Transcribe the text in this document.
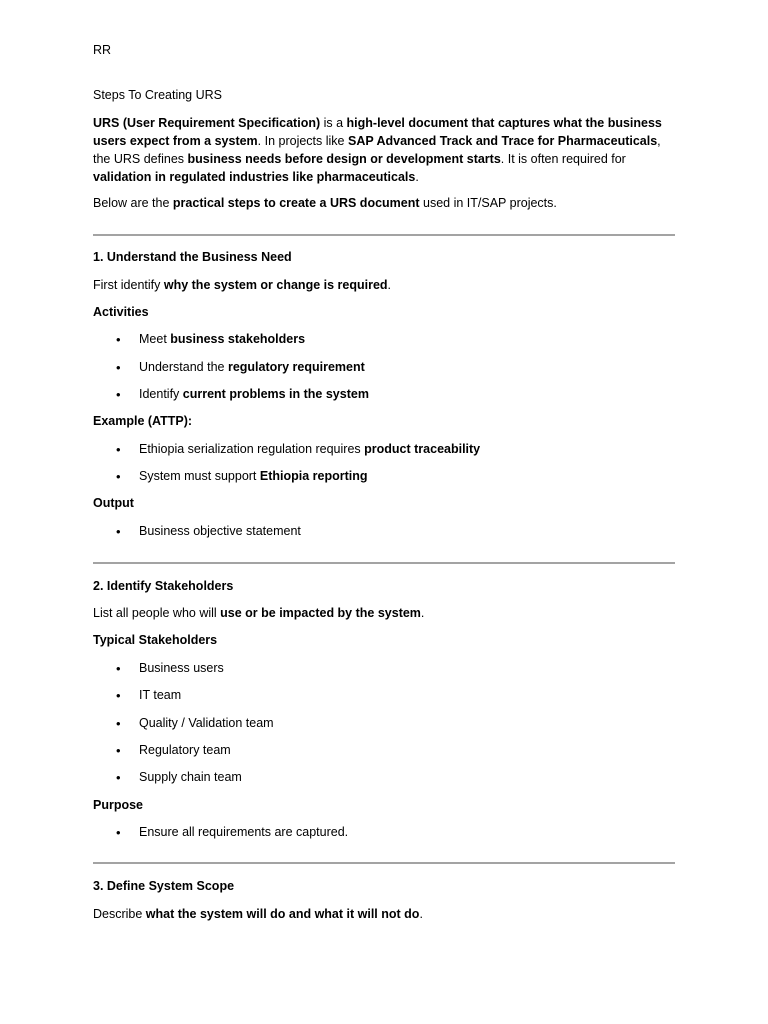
RR
Steps To Creating URS
URS (User Requirement Specification) is a high-level document that captures what the business users expect from a system. In projects like SAP Advanced Track and Trace for Pharmaceuticals, the URS defines business needs before design or development starts. It is often required for validation in regulated industries like pharmaceuticals.
Below are the practical steps to create a URS document used in IT/SAP projects.
1. Understand the Business Need
First identify why the system or change is required.
Activities
Meet business stakeholders
Understand the regulatory requirement
Identify current problems in the system
Example (ATTP):
Ethiopia serialization regulation requires product traceability
System must support Ethiopia reporting
Output
Business objective statement
2. Identify Stakeholders
List all people who will use or be impacted by the system.
Typical Stakeholders
Business users
IT team
Quality / Validation team
Regulatory team
Supply chain team
Purpose
Ensure all requirements are captured.
3. Define System Scope
Describe what the system will do and what it will not do.
